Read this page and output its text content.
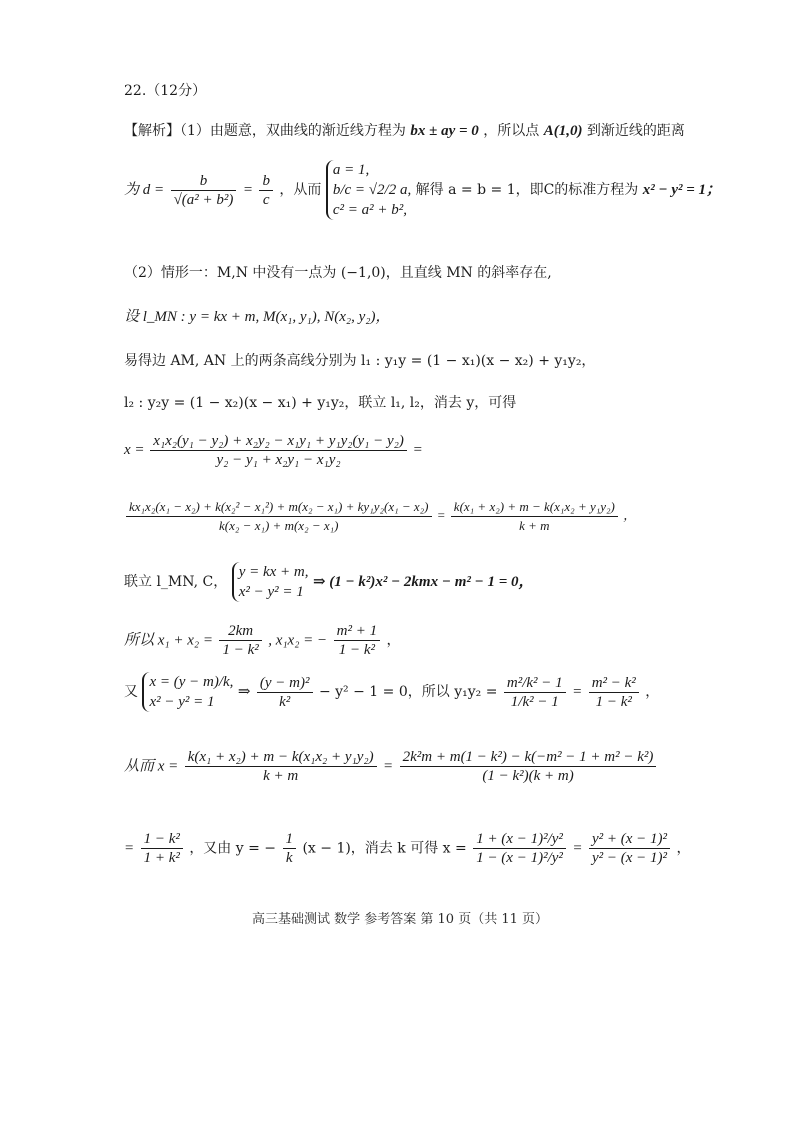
22.（12分）
【解析】（1）由题意，双曲线的渐近线方程为 bx ± ay = 0 ，所以点 A(1,0) 到渐近线的距离
为 $d = \frac{b}{\text{√(a² + b²)}} = \frac{b}{c}$ ，从而
a = 1,
b/c = √2/2 a,
c² = a² + b²,
解得 a = b = 1，即C的标准方程为 x² − y² = 1；
（2）情形一：M,N 中没有一点为 (−1,0)，且直线 MN 的斜率存在,
设 l_MN : y = kx + m, M(x₁, y₁), N(x₂, y₂)，
易得边 AM, AN 上的两条高线分别为 l₁ : y₁y = (1 − x₁)(x − x₂) + y₁y₂，
l₂ : y₂y = (1 − x₂)(x − x₁) + y₁y₂，联立 l₁, l₂，消去 y，可得
$x = \frac{\text{x₁x₂(y₁ − y₂) + x₂y₂ − x₁y₁ + y₁y₂(y₁ − y₂)}}{\text{y₂ − y₁ + x₂y₁ − x₁y₂}}$ =
$\frac{\text{kx₁x₂(x₁ − x₂) + k(x₂² − x₁²) + m(x₂ − x₁) + ky₁y₂(x₁ − x₂)}}{\text{k(x₂ − x₁) + m(x₂ − x₁)}} = \frac{\text{k(x₁ + x₂) + m − k(x₁x₂ + y₁y₂)}}{k + m}$ ，
联立 l_MN, C，
y = kx + m,
x² − y² = 1
⇒ (1 − k²)x² − 2kmx − m² − 1 = 0，
所以 $x_1 + x_2 = \frac{2km}{\text{1 − k²}}$ , x₁x₂ = − $\frac{\text{m² + 1}}{\text{1 − k²}}$ ，
又
x = (y − m)/k,
x² − y² = 1
⇒ $\frac{\text{(y − m)²}}{\text{k²}} - y^2 - 1 = 0$，所以 $y_1y_2 = \frac{\text{m²/k² − 1}}{\text{1/k² − 1}} = \frac{\text{m² − k²}}{\text{1 − k²}}$ ，
从而 $x = \frac{\text{k(x₁ + x₂) + m − k(x₁x₂ + y₁y₂)}}{k + m} = \frac{\text{2k²m + m(1 − k²) − k(−m² − 1 + m² − k²)}}{\text{(1 − k²)(k + m)}}$
= $\frac{\text{1 − k²}}{\text{1 + k²}}$ ，又由 y = − $\frac{1}{k} (x - 1)$，消去 k 可得 $x = \frac{\text{1 + (x − 1)²/y²}}{\text{1 − (x − 1)²/y²}} = \frac{\text{y² + (x − 1)²}}{\text{y² − (x − 1)²}}$ ，
高三基础测试 数学 参考答案 第 10 页（共 11 页）
